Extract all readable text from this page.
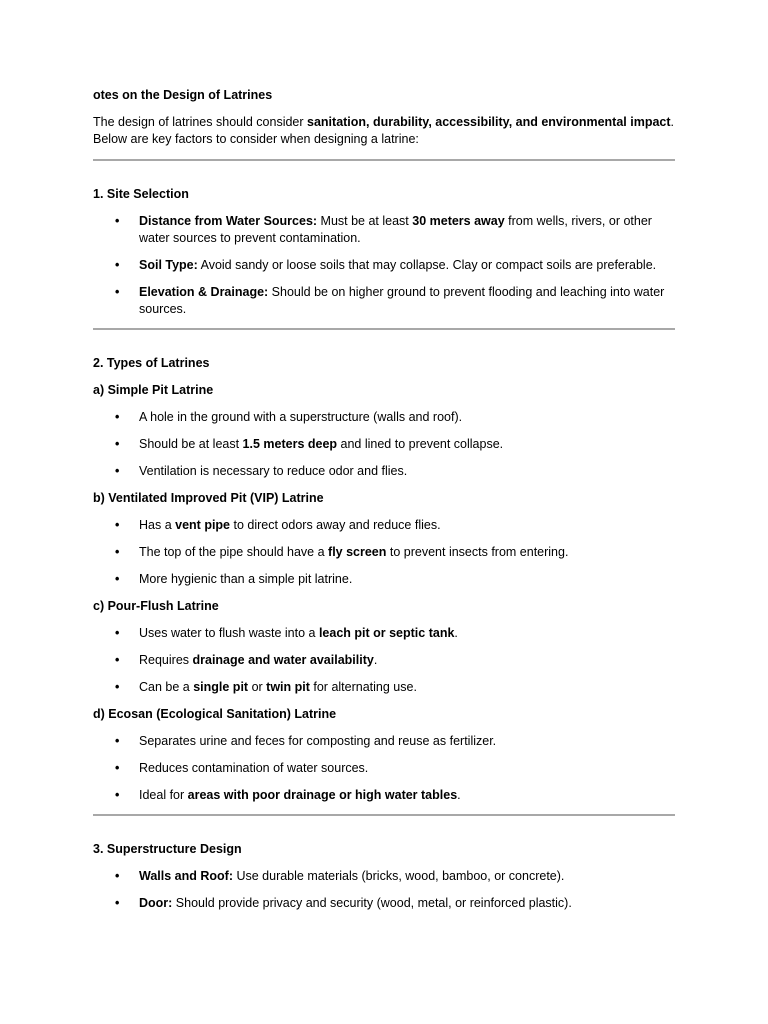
otes on the Design of Latrines

The design of latrines should consider sanitation, durability, accessibility, and environmental impact. Below are key factors to consider when designing a latrine:

1. Site Selection

• Distance from Water Sources: Must be at least 30 meters away from wells, rivers, or other water sources to prevent contamination.
• Soil Type: Avoid sandy or loose soils that may collapse. Clay or compact soils are preferable.
• Elevation & Drainage: Should be on higher ground to prevent flooding and leaching into water sources.

2. Types of Latrines

a) Simple Pit Latrine

• A hole in the ground with a superstructure (walls and roof).
• Should be at least 1.5 meters deep and lined to prevent collapse.
• Ventilation is necessary to reduce odor and flies.

b) Ventilated Improved Pit (VIP) Latrine

• Has a vent pipe to direct odors away and reduce flies.
• The top of the pipe should have a fly screen to prevent insects from entering.
• More hygienic than a simple pit latrine.

c) Pour-Flush Latrine

• Uses water to flush waste into a leach pit or septic tank.
• Requires drainage and water availability.
• Can be a single pit or twin pit for alternating use.

d) Ecosan (Ecological Sanitation) Latrine

• Separates urine and feces for composting and reuse as fertilizer.
• Reduces contamination of water sources.
• Ideal for areas with poor drainage or high water tables.

3. Superstructure Design

• Walls and Roof: Use durable materials (bricks, wood, bamboo, or concrete).
• Door: Should provide privacy and security (wood, metal, or reinforced plastic).
